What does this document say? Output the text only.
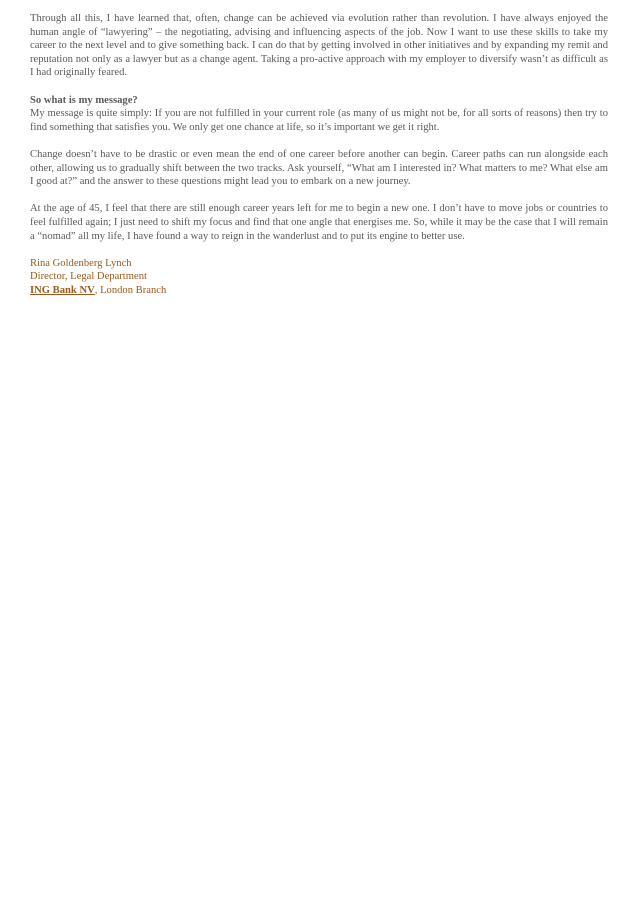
Through all this, I have learned that, often, change can be achieved via evolution rather than revolution. I have always enjoyed the human angle of “lawyering” – the negotiating, advising and influencing aspects of the job. Now I want to use these skills to take my career to the next level and to give something back. I can do that by getting involved in other initiatives and by expanding my remit and reputation not only as a lawyer but as a change agent. Taking a pro-active approach with my employer to diversify wasn’t as difficult as I had originally feared.

So what is my message?
My message is quite simply: If you are not fulfilled in your current role (as many of us might not be, for all sorts of reasons) then try to find something that satisfies you. We only get one chance at life, so it’s important we get it right.

Change doesn’t have to be drastic or even mean the end of one career before another can begin. Career paths can run alongside each other, allowing us to gradually shift between the two tracks. Ask yourself, “What am I interested in? What matters to me? What else am I good at?” and the answer to these questions might lead you to embark on a new journey.

At the age of 45, I feel that there are still enough career years left for me to begin a new one. I don’t have to move jobs or countries to feel fulfilled again; I just need to shift my focus and find that one angle that energises me. So, while it may be the case that I will remain a “nomad” all my life, I have found a way to reign in the wanderlust and to put its engine to better use.

Rina Goldenberg Lynch
Director, Legal Department
ING Bank NV, London Branch
